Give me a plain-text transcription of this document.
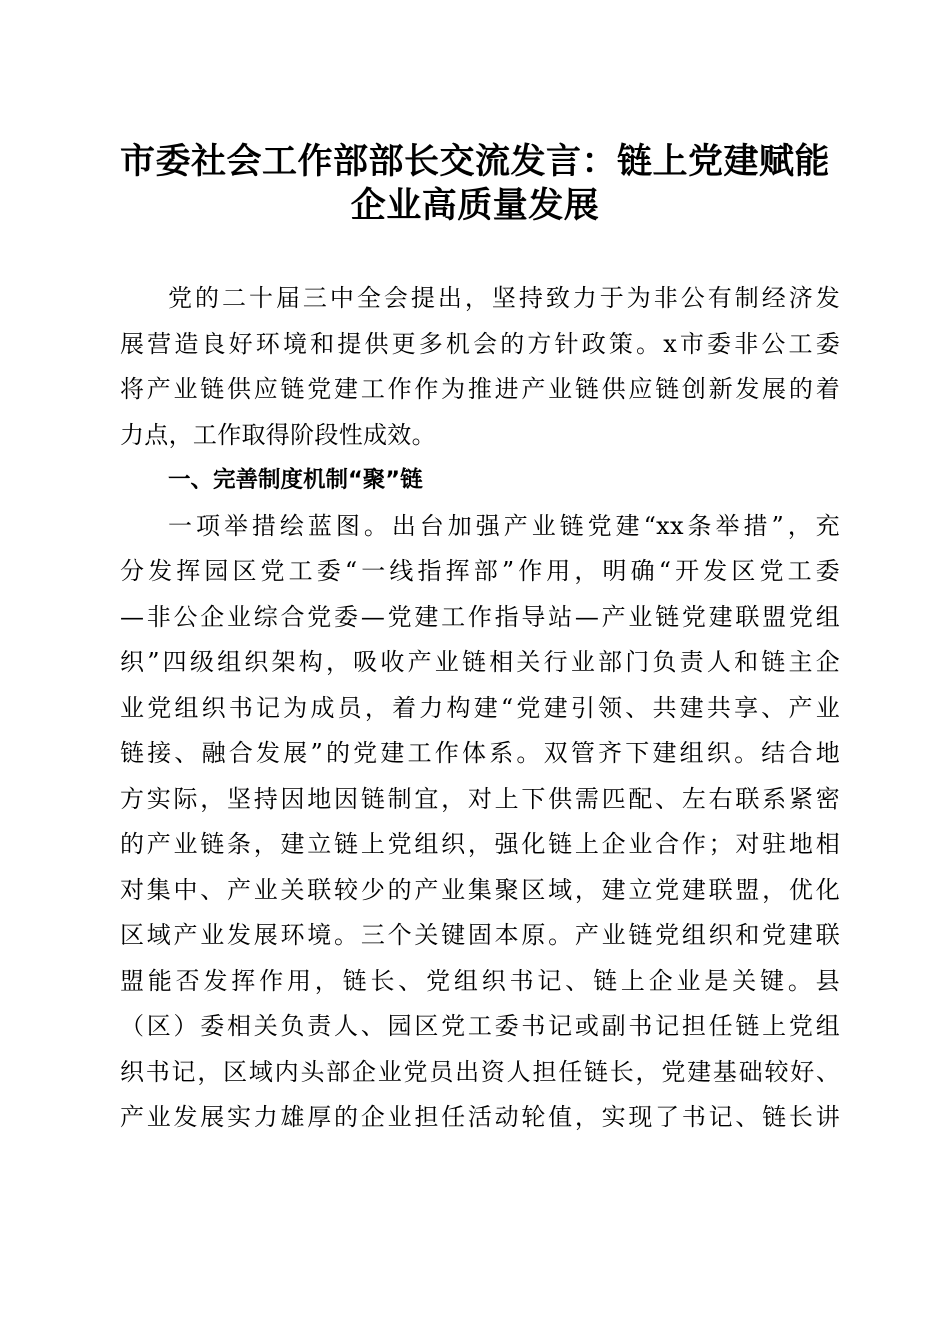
市委社会工作部部长交流发言：链上党建赋能
企业高质量发展
党的二十届三中全会提出，坚持致力于为非公有制经济发
展营造良好环境和提供更多机会的方针政策。x市委非公工委
将产业链供应链党建工作作为推进产业链供应链创新发展的着
力点，工作取得阶段性成效。
一、完善制度机制“聚”链
一项举措绘蓝图。出台加强产业链党建“xx条举措”，充
分发挥园区党工委“一线指挥部”作用，明确“开发区党工委
—非公企业综合党委—党建工作指导站—产业链党建联盟党组
织”四级组织架构，吸收产业链相关行业部门负责人和链主企
业党组织书记为成员，着力构建“党建引领、共建共享、产业
链接、融合发展”的党建工作体系。双管齐下建组织。结合地
方实际，坚持因地因链制宜，对上下供需匹配、左右联系紧密
的产业链条，建立链上党组织，强化链上企业合作；对驻地相
对集中、产业关联较少的产业集聚区域，建立党建联盟，优化
区域产业发展环境。三个关键固本原。产业链党组织和党建联
盟能否发挥作用，链长、党组织书记、链上企业是关键。县
（区）委相关负责人、园区党工委书记或副书记担任链上党组
织书记，区域内头部企业党员出资人担任链长，党建基础较好、
产业发展实力雄厚的企业担任活动轮值，实现了书记、链长讲
